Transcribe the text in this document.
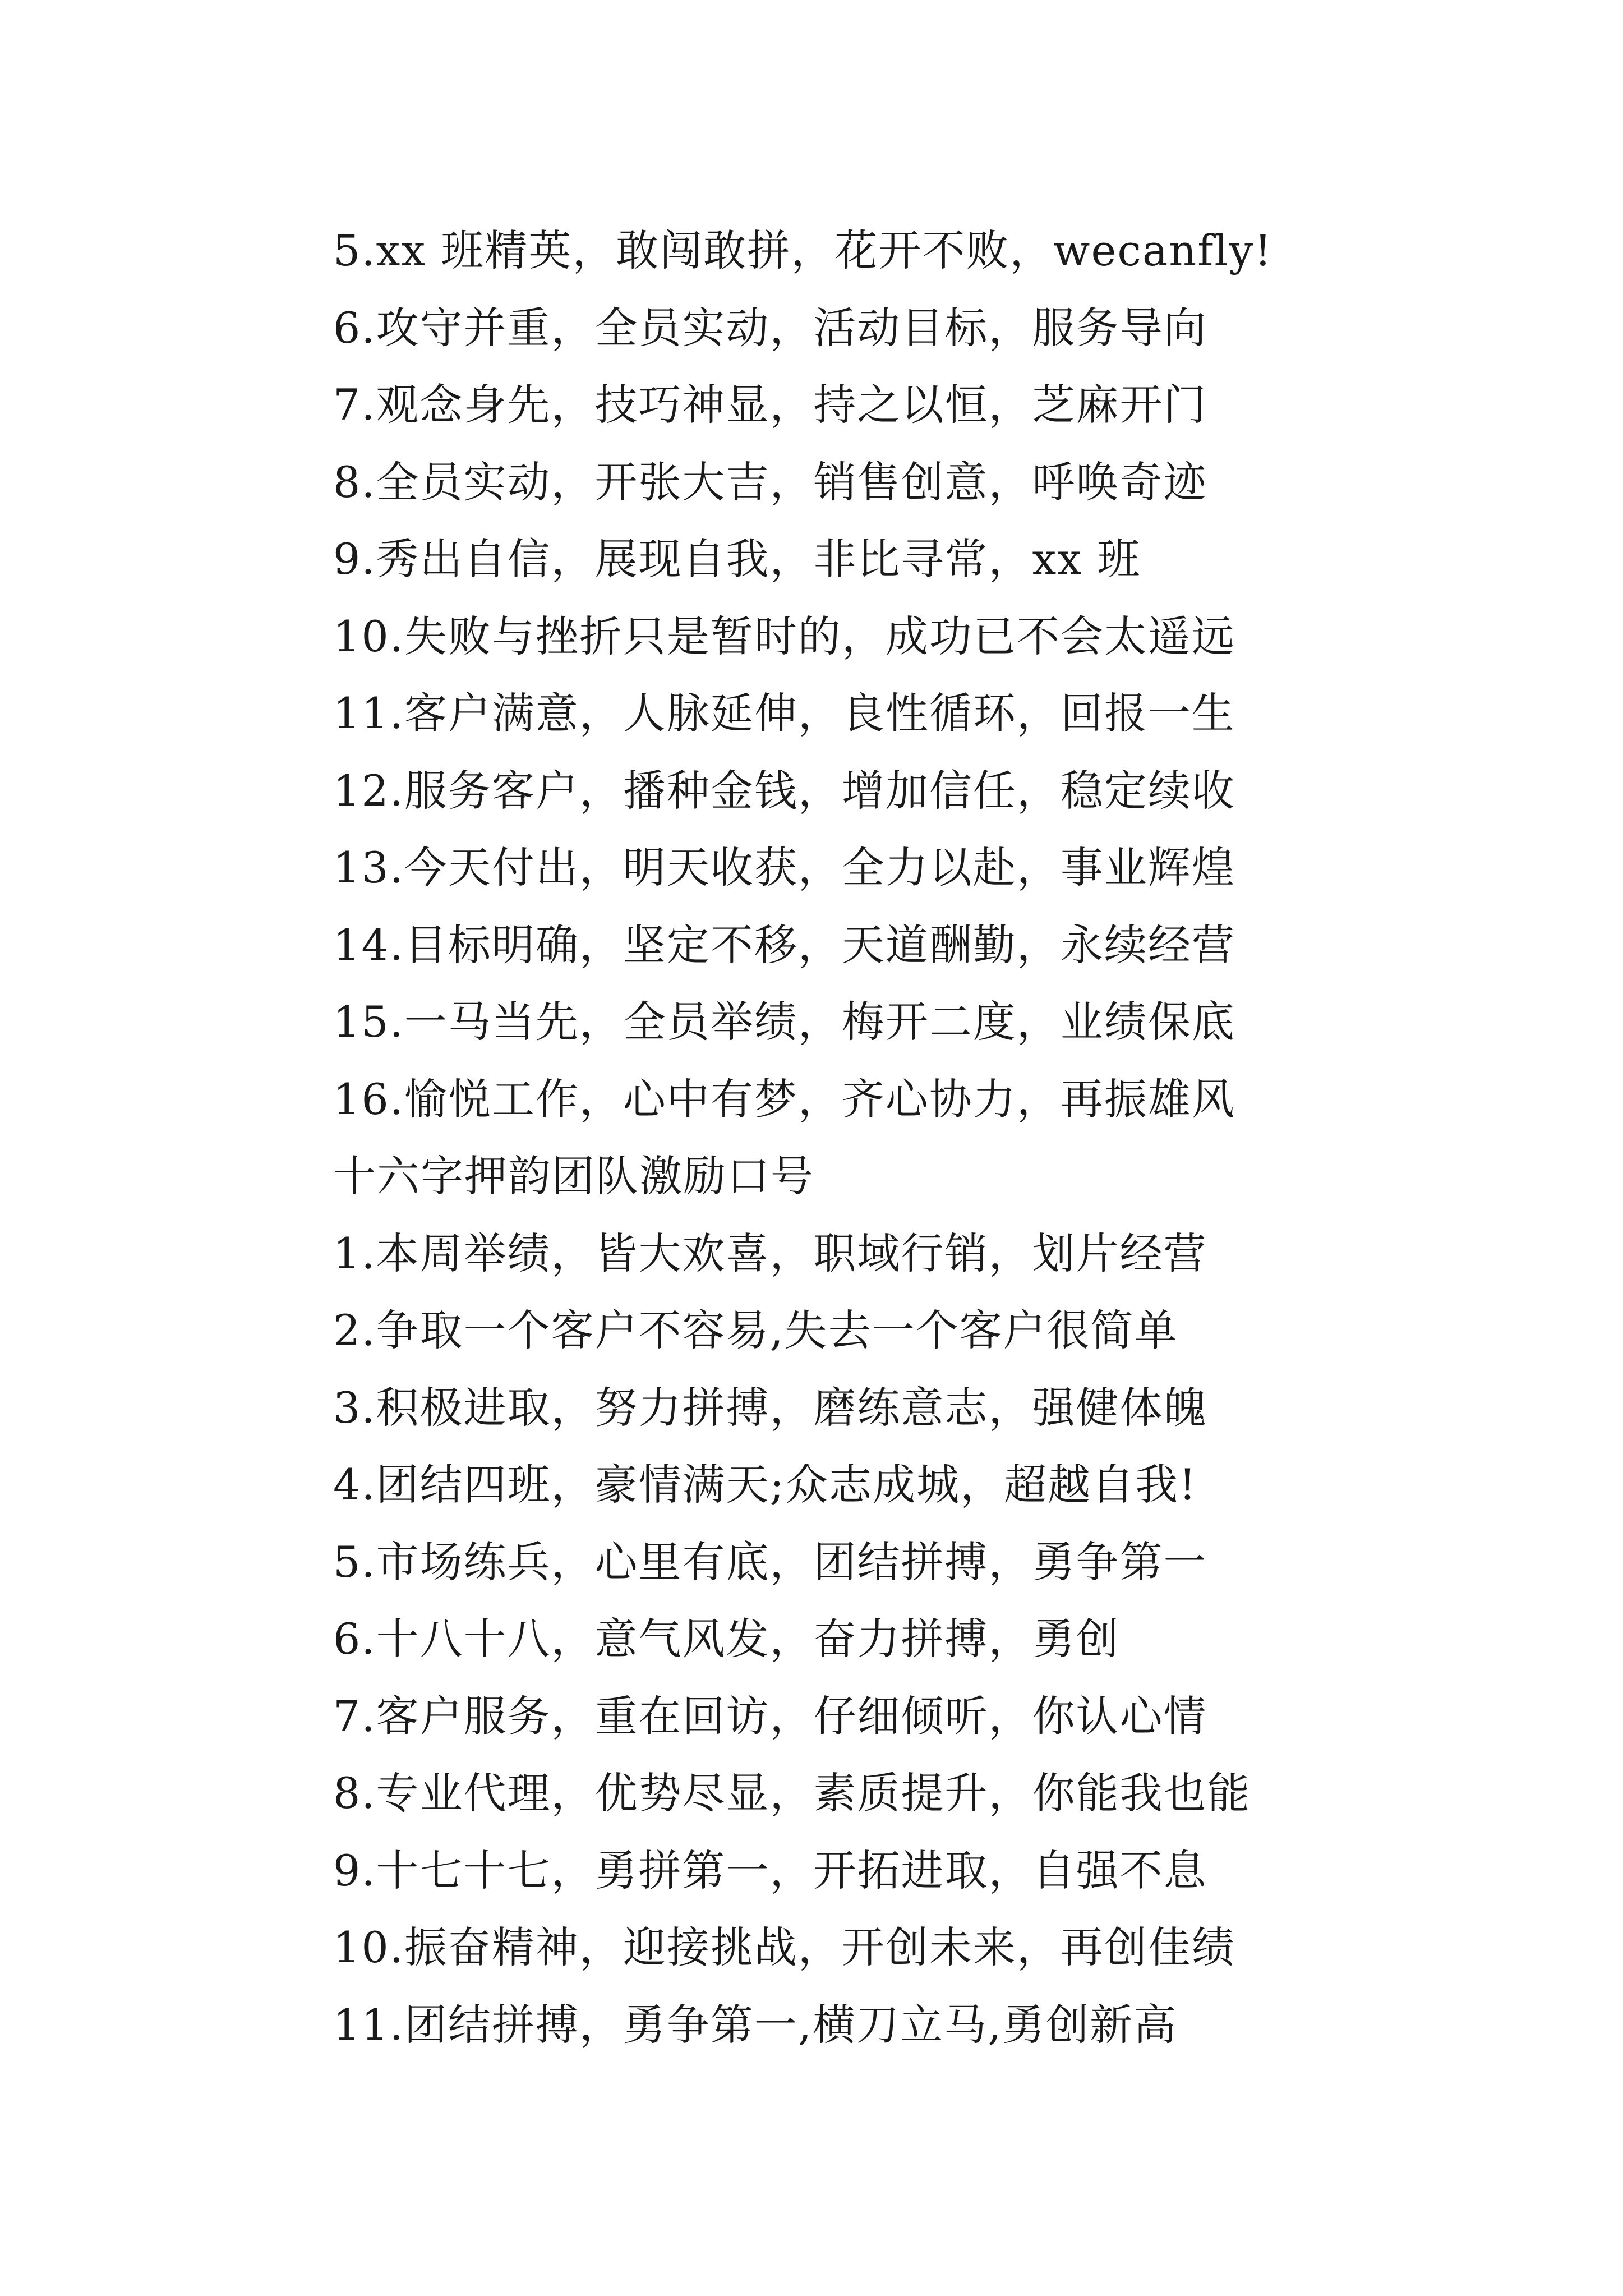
5.xx 班精英，敢闯敢拼，花开不败，wecanfly!
6.攻守并重，全员实动，活动目标，服务导向
7.观念身先，技巧神显，持之以恒，芝麻开门
8.全员实动，开张大吉，销售创意，呼唤奇迹
9.秀出自信，展现自我，非比寻常，xx 班
10.失败与挫折只是暂时的，成功已不会太遥远
11.客户满意，人脉延伸，良性循环，回报一生
12.服务客户，播种金钱，增加信任，稳定续收
13.今天付出，明天收获，全力以赴，事业辉煌
14.目标明确，坚定不移，天道酬勤，永续经营
15.一马当先，全员举绩，梅开二度，业绩保底
16.愉悦工作，心中有梦，齐心协力，再振雄风
十六字押韵团队激励口号
1.本周举绩，皆大欢喜，职域行销，划片经营
2.争取一个客户不容易,失去一个客户很简单
3.积极进取，努力拼搏，磨练意志，强健体魄
4.团结四班，豪情满天;众志成城，超越自我!
5.市场练兵，心里有底，团结拼搏，勇争第一
6.十八十八，意气风发，奋力拼搏，勇创
7.客户服务，重在回访，仔细倾听，你认心情
8.专业代理，优势尽显，素质提升，你能我也能
9.十七十七，勇拼第一，开拓进取，自强不息
10.振奋精神，迎接挑战，开创未来，再创佳绩
11.团结拼搏，勇争第一,横刀立马,勇创新高
